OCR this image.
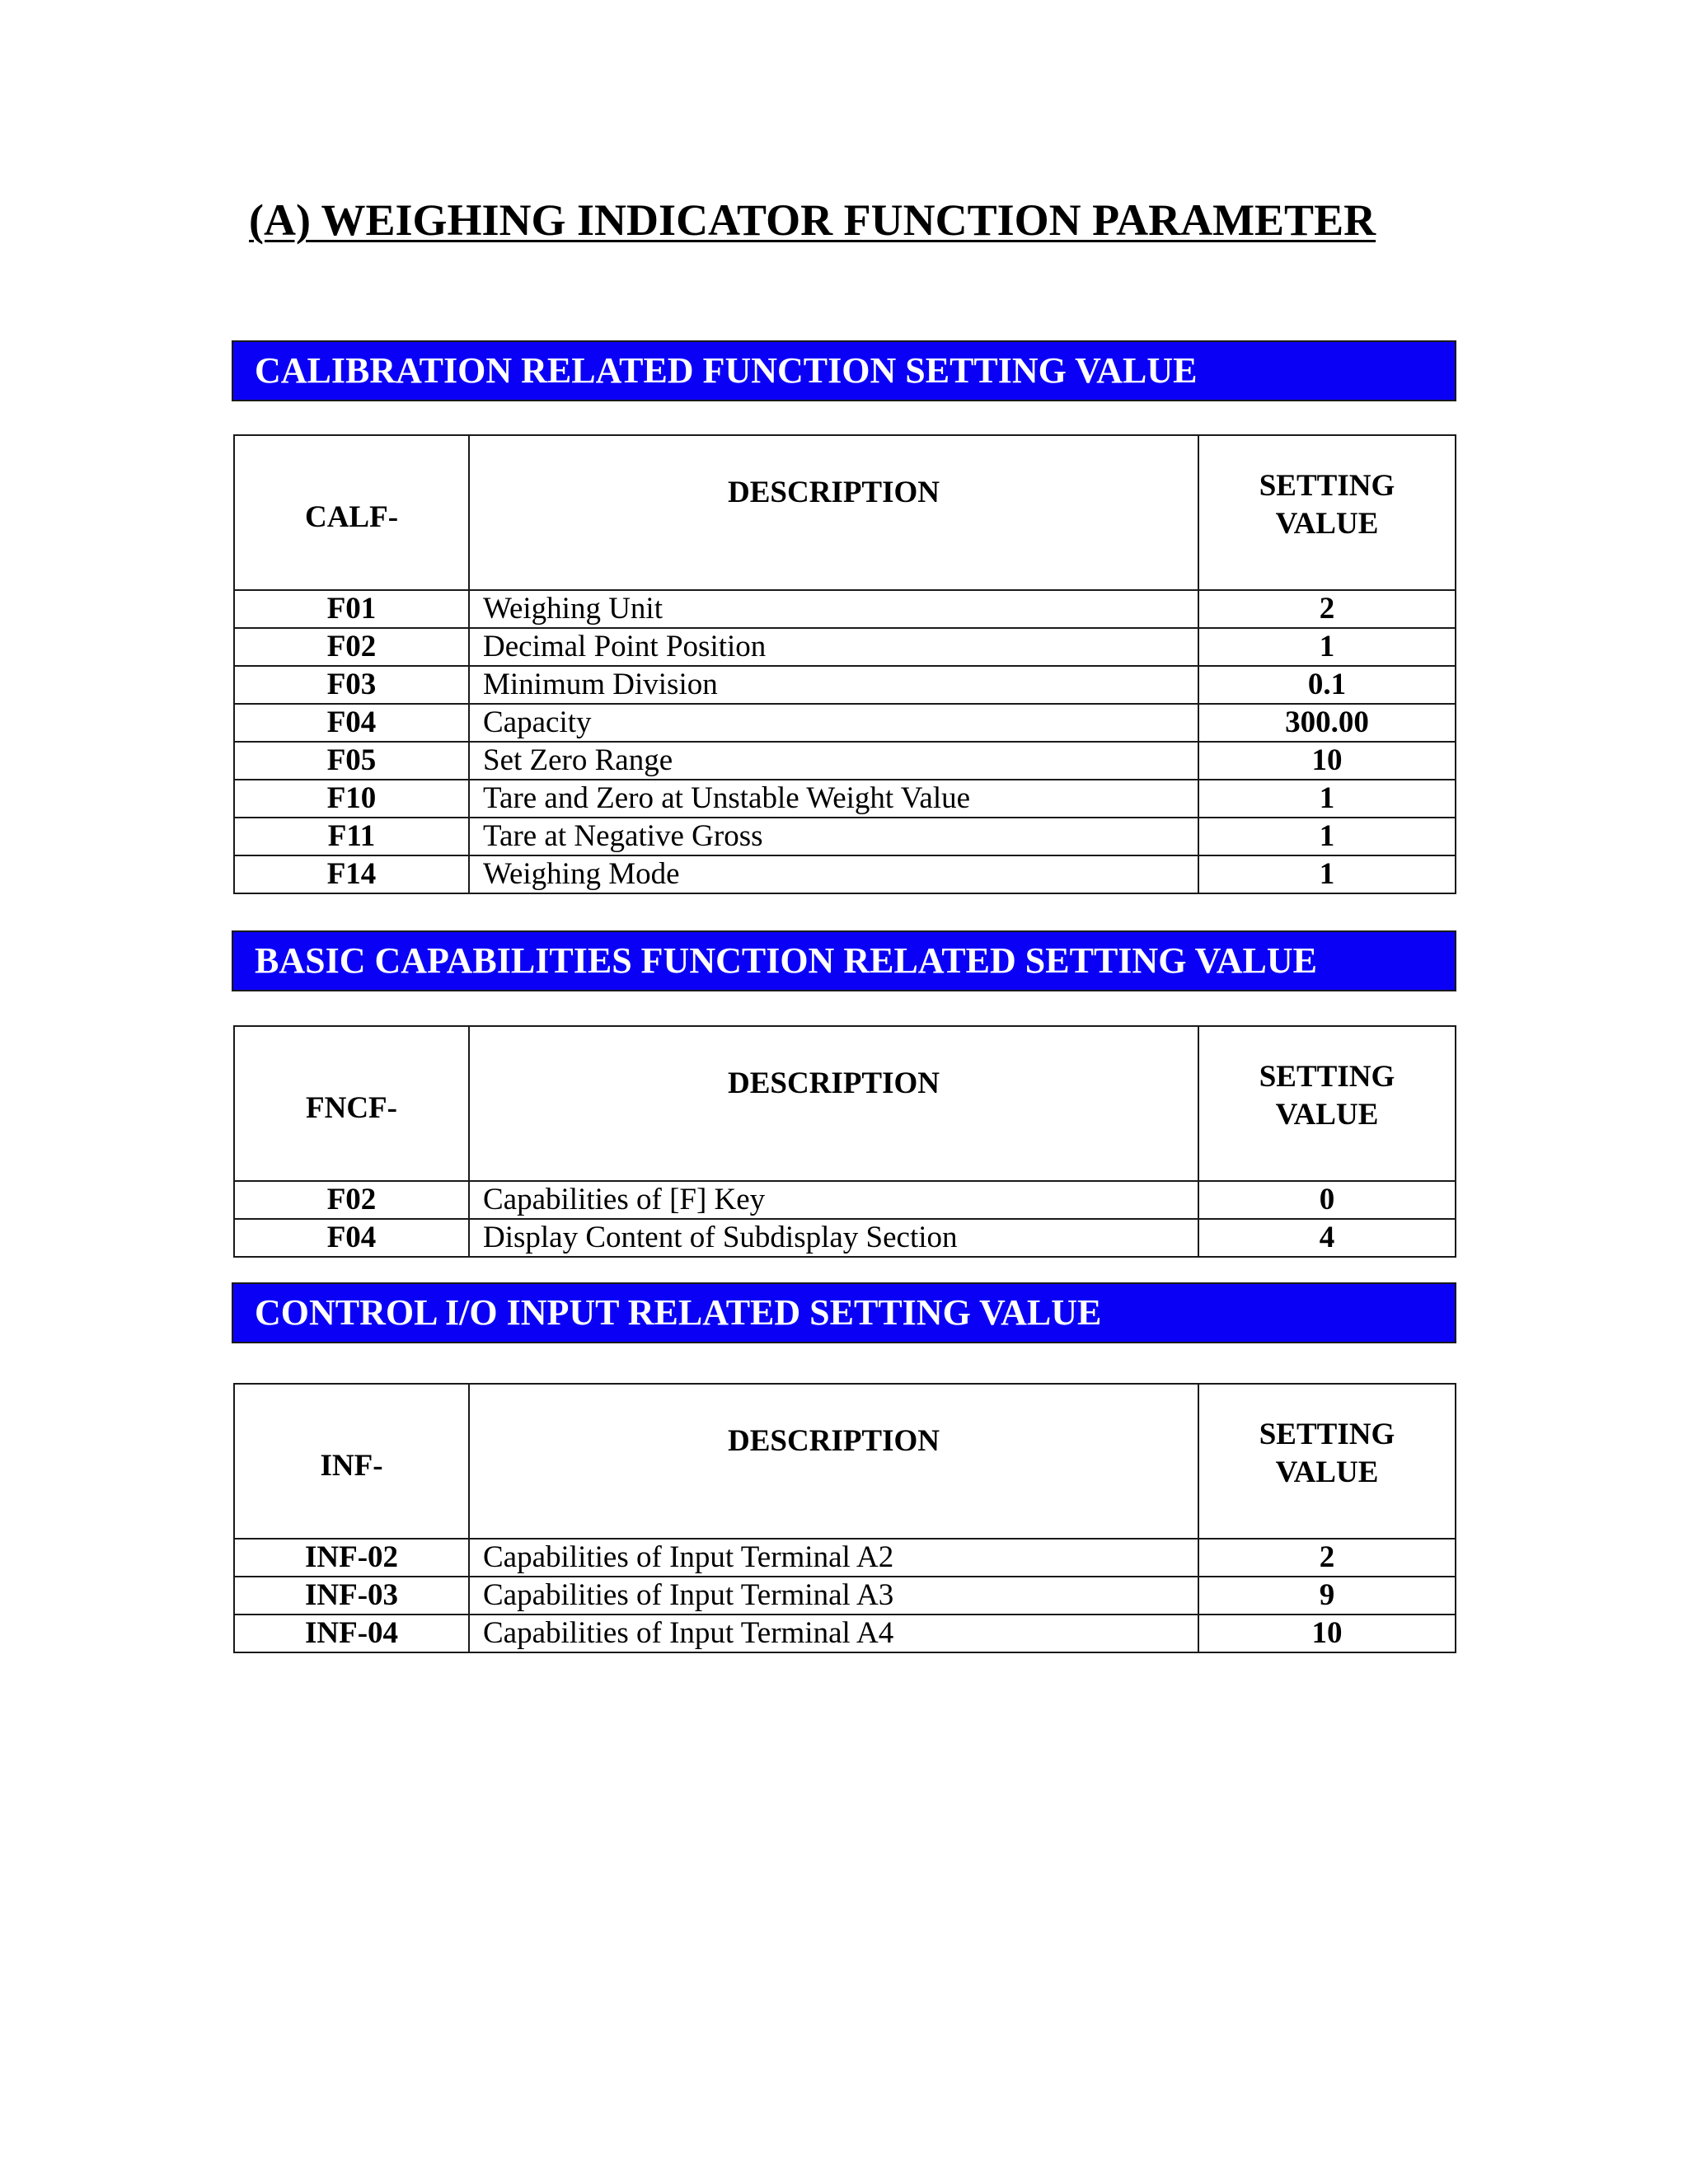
(A) WEIGHING INDICATOR FUNCTION PARAMETER
CALIBRATION RELATED FUNCTION SETTING VALUE
CALF-	DESCRIPTION	SETTING
VALUE

F01	Weighing Unit	2
F02	Decimal Point Position	1
F03	Minimum Division	0.1
F04	Capacity	300.00
F05	Set Zero Range	10
F10	Tare and Zero at Unstable Weight Value	1
F11	Tare at Negative Gross	1
F14	Weighing Mode	1
BASIC CAPABILITIES FUNCTION RELATED SETTING VALUE
FNCF-	DESCRIPTION	SETTING
VALUE

F02	Capabilities of [F] Key	0
F04	Display Content of Subdisplay Section	4
CONTROL I/O INPUT RELATED SETTING VALUE
INF-	DESCRIPTION	SETTING
VALUE

INF-02	Capabilities of Input Terminal A2	2
INF-03	Capabilities of Input Terminal A3	9
INF-04	Capabilities of Input Terminal A4	10
